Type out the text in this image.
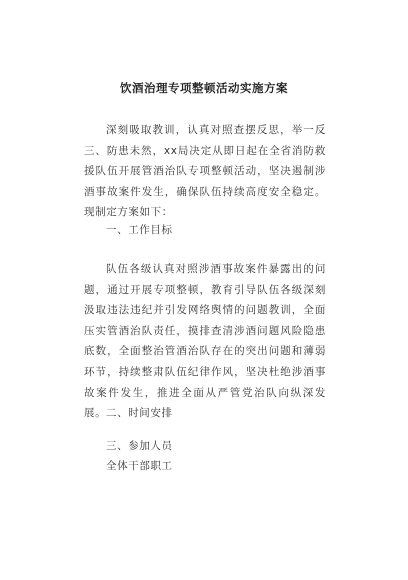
饮酒治理专项整顿活动实施方案

深刻吸取教训，认真对照查摆反思，举一反三、防患未然，xx局决定从即日起在全省消防救援队伍开展管酒治队专项整顿活动，坚决遏制涉酒事故案件发生，确保队伍持续高度安全稳定。现制定方案如下：

一、工作目标

队伍各级认真对照涉酒事故案件暴露出的问题，通过开展专项整顿，教育引导队伍各级深刻汲取违法违纪并引发网络舆情的问题教训，全面压实管酒治队责任，摸排查清涉酒问题风险隐患底数，全面整治管酒治队存在的突出问题和薄弱环节，持续整肃队伍纪律作风，坚决杜绝涉酒事故案件发生，推进全面从严管党治队向纵深发展。 二、时间安排

三、参加人员

全体干部职工
